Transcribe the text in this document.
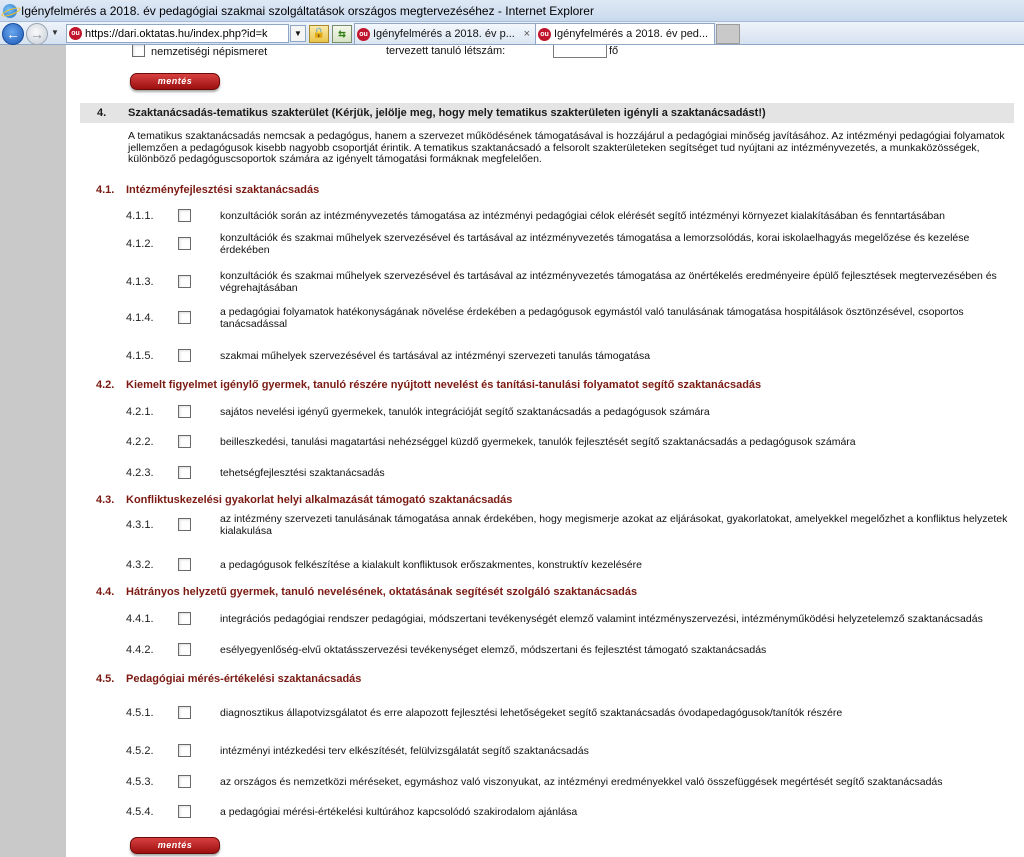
Igényfelmérés a 2018. év pedagógiai szakmai szolgáltatások országos megtervezéséhez - Internet Explorer
← → ▼	ou https://dari.oktatas.hu/index.php?id=k	▼	🔒	⇆	ou Igényfelmérés a 2018. év p... ×	ou Igényfelmérés a 2018. év ped...
nemzetiségi népismeret	tervezett tanuló létszám:	fő
mentés
4. Szaktanácsadás-tematikus szakterület (Kérjük, jelölje meg, hogy mely tematikus szakterületen igényli a szaktanácsadást!)
A tematikus szaktanácsadás nemcsak a pedagógus, hanem a szervezet működésének támogatásával is hozzájárul a pedagógiai minőség javításához. Az intézményi pedagógiai folyamatok jellemzően a pedagógusok kisebb nagyobb csoportját érintik. A tematikus szaktanácsadó a felsorolt szakterületeken segítséget tud nyújtani az intézményvezetés, a munkaközösségek, különböző pedagóguscsoportok számára az igényelt támogatási formáknak megfelelően.
mentés
4.1. Intézményfejlesztési szaktanácsadás
4.1.1.	konzultációk során az intézményvezetés támogatása az intézményi pedagógiai célok elérését segítő intézményi környezet kialakításában és fenntartásában
4.1.2.	konzultációk és szakmai műhelyek szervezésével és tartásával az intézményvezetés támogatása a lemorzsolódás, korai iskolaelhagyás megelőzése és kezelése érdekében
4.1.3.	konzultációk és szakmai műhelyek szervezésével és tartásával az intézményvezetés támogatása az önértékelés eredményeire épülő fejlesztések megtervezésében és végrehajtásában
4.1.4.	a pedagógiai folyamatok hatékonyságának növelése érdekében a pedagógusok egymástól való tanulásának támogatása hospitálások ösztönzésével, csoportos tanácsadással
4.1.5.	szakmai műhelyek szervezésével és tartásával az intézményi szervezeti tanulás támogatása
4.2. Kiemelt figyelmet igénylő gyermek, tanuló részére nyújtott nevelést és tanítási-tanulási folyamatot segítő szaktanácsadás
4.2.1.	sajátos nevelési igényű gyermekek, tanulók integrációját segítő szaktanácsadás a pedagógusok számára
4.2.2.	beilleszkedési, tanulási magatartási nehézséggel küzdő gyermekek, tanulók fejlesztését segítő szaktanácsadás a pedagógusok számára
4.2.3.	tehetségfejlesztési szaktanácsadás
4.3. Konfliktuskezelési gyakorlat helyi alkalmazását támogató szaktanácsadás
4.3.1.	az intézmény szervezeti tanulásának támogatása annak érdekében, hogy megismerje azokat az eljárásokat, gyakorlatokat, amelyekkel megelőzhet a konfliktus helyzetek kialakulása
4.3.2.	a pedagógusok felkészítése a kialakult konfliktusok erőszakmentes, konstruktív kezelésére
4.4. Hátrányos helyzetű gyermek, tanuló nevelésének, oktatásának segítését szolgáló szaktanácsadás
4.4.1.	integrációs pedagógiai rendszer pedagógiai, módszertani tevékenységét elemző valamint intézményszervezési, intézményműködési helyzetelemző szaktanácsadás
4.4.2.	esélyegyenlőség-elvű oktatásszervezési tevékenységet elemző, módszertani és fejlesztést támogató szaktanácsadás
4.5. Pedagógiai mérés-értékelési szaktanácsadás
4.5.1.	diagnosztikus állapotvizsgálatot és erre alapozott fejlesztési lehetőségeket segítő szaktanácsadás óvodapedagógusok/tanítók részére
4.5.2.	intézményi intézkedési terv elkészítését, felülvizsgálatát segítő szaktanácsadás
4.5.3.	az országos és nemzetközi méréseket, egymáshoz való viszonyukat, az intézményi eredményekkel való összefüggések megértését segítő szaktanácsadás
4.5.4.	a pedagógiai mérési-értékelési kultúrához kapcsolódó szakirodalom ajánlása
